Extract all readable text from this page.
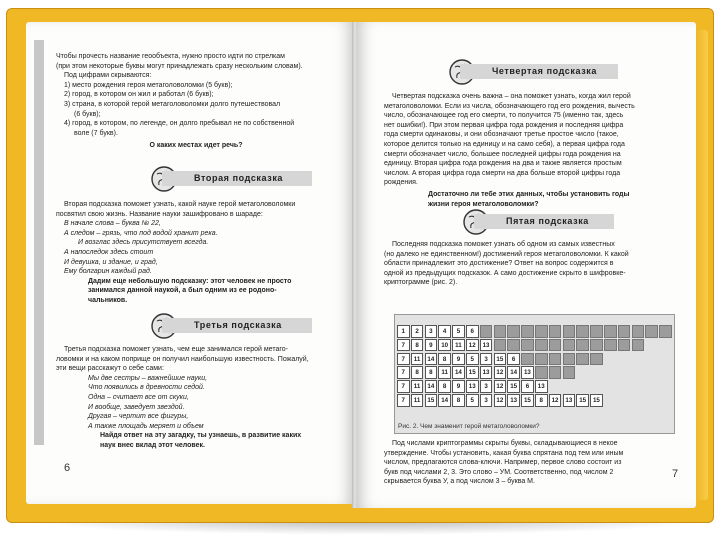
Чтобы прочесть название геообъекта, нужно просто идти по стрелкам
(при этом некоторые буквы могут принадлежать сразу нескольким словам).
Под цифрами скрываются:
1) место рождения героя метаголоволомки (5 букв);
2) город, в котором он жил и работал (6 букв);
3) страна, в которой герой метаголоволомки долго путешествовал
(6 букв);
4) город, в котором, по легенде, он долго пребывал не по собственной
воле (7 букв).
О каких местах идет речь?
Вторая подсказка
Вторая подсказка поможет узнать, какой науке герой метаголоволомки
посвятил свою жизнь. Название науки зашифровано в шараде:
В начале слова – буква № 22,
А следом – грязь, что под водой хранит река.
И возглас здесь присутствует всегда.
А напоследок здесь стоит
И девушка, и здание, и град,
Ему болгарин каждый рад.
Дадим еще небольшую подсказку: этот человек не просто
занимался данной наукой, а был одним из ее родоно-
чальников.
Третья подсказка
Третья подсказка поможет узнать, чем еще занимался герой метаго-
ловомки и на каком поприще он получил наибольшую известность. Пожалуй,
эти вещи расскажут о себе сами:
Мы две сестры – важнейшие науки,
Что появились в древности седой.
Одна – считает все от скуки,
И вообще, заведует звездой.
Другая – чертит все фигуры,
А также площадь меряет и объем
Найдя ответ на эту загадку, ты узнаешь, в развитие каких
наук внес вклад этот человек.
6
Четвертая подсказка
Четвертая подсказка очень важна – она поможет узнать, когда жил герой
метаголоволомки. Если из числа, обозначающего год его рождения, вычесть
число, обозначающее год его смерти, то получится 75 (именно так, здесь
нет ошибки!). При этом первая цифра года рождения и последняя цифра
года смерти одинаковы, и они обозначают третье простое число (такое,
которое делится только на единицу и на само себя), а первая цифра года
смерти обозначает число, большее последней цифры года рождения на
единицу. Вторая цифра года рождения на два и также является простым
числом. А вторая цифра года смерти на два больше второй цифры года
рождения.
Достаточно ли тебе этих данных, чтобы установить годы
жизни героя метаголоволомки?
Пятая подсказка
Последняя подсказка поможет узнать об одном из самых известных
(но далеко не единственном!) достижений героя метаголоволомки. К какой
области принадлежит это достижение? Ответ на вопрос содержится в
одной из предыдущих подсказок. А само достижение скрыто в шифровке-
криптограмме (рис. 2).
1	2	3	4	5	6
7	8	9	10	11	12	13
7	11	14	8	9	5	3	15	6
7	8	8	11	14	15	13	12	14	13
7	11	14	8	9	13	3	12	15	6	13
7	11	15	14	8	5	3	12	13	15	8	12	13	15	15
Рис. 2. Чем знаменит герой метаголоволомки?
Под числами криптограммы скрыты буквы, складывающиеся в некое
утверждение. Чтобы установить, какая буква спрятана под тем или иным
числом, предлагаются слова-ключи. Например, первое слово состоит из
букв под числами 2, 3. Это слово – УМ. Соответственно, под числом 2
скрывается буква У, а под числом 3 – буква М.
7
